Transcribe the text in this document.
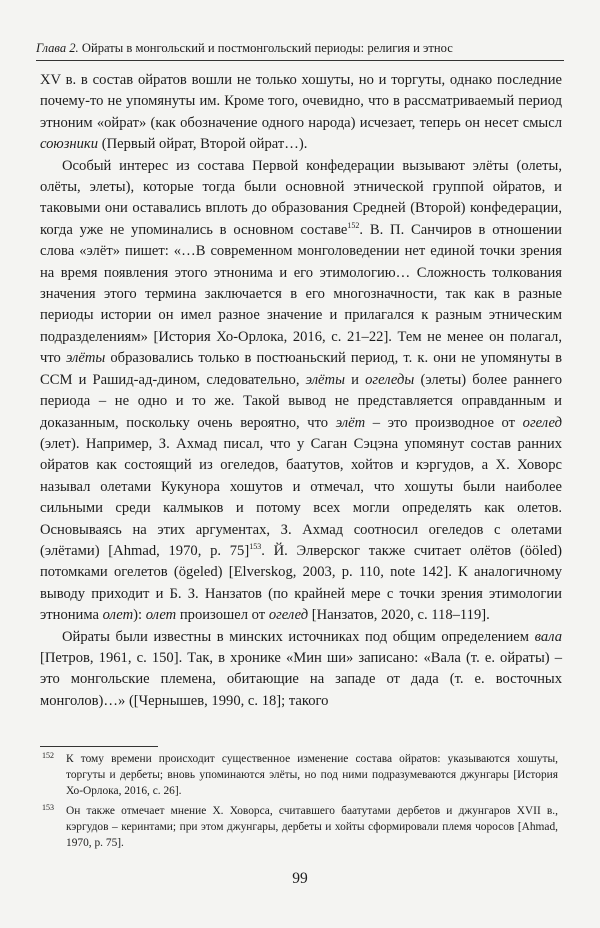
Глава 2. Ойраты в монгольский и постмонгольский периоды: религия и этнос

XV в. в состав ойратов вошли не только хошуты, но и торгуты, однако последние почему-то не упомянуты им. Кроме того, очевидно, что в рассматриваемый период этноним «ойрат» (как обозначение одного народа) исчезает, теперь он несет смысл союзники (Первый ойрат, Второй ойрат…).

Особый интерес из состава Первой конфедерации вызывают элёты (олеты, олёты, элеты), которые тогда были основной этнической группой ойратов, и таковыми они оставались вплоть до образования Средней (Второй) конфедерации, когда уже не упоминались в основном составе$^{152}$. В. П. Санчиров в отношении слова «элёт» пишет: «…В современном монголоведении нет единой точки зрения на время появления этого этнонима и его этимологию… Сложность толкования значения этого термина заключается в его многозначности, так как в разные периоды истории он имел разное значение и прилагался к разным этническим подразделениям» [История Хо-Орлока, 2016, с. 21–22]. Тем не менее он полагал, что элёты образовались только в постюаньский период, т. к. они не упомянуты в ССМ и Рашид-ад-дином, следовательно, элёты и огеледы (элеты) более раннего периода – не одно и то же. Такой вывод не представляется оправданным и доказанным, поскольку очень вероятно, что элёт – это производное от огелед (элет). Например, З. Ахмад писал, что у Саган Сэцэна упомянут состав ранних ойратов как состоящий из огеледов, баатутов, хойтов и кэргудов, а Х. Ховорс называл олетами Кукунора хошутов и отмечал, что хошуты были наиболее сильными среди калмыков и потому всех могли определять как олетов. Основываясь на этих аргументах, З. Ахмад соотносил огеледов с олетами (элётами) [Ahmad, 1970, p. 75]$^{153}$. Й. Элверског также считает олётов (ööled) потомками огелетов (ögeled) [Elverskog, 2003, p. 110, note 142]. К аналогичному выводу приходит и Б. З. Нанзатов (по крайней мере с точки зрения этимологии этнонима олет): олет произошел от огелед [Нанзатов, 2020, с. 118–119].

Ойраты были известны в минских источниках под общим определением вала [Петров, 1961, с. 150]. Так, в хронике «Мин ши» записано: «Вала (т. е. ойраты) – это монгольские племена, обитающие на западе от дада (т. е. восточных монголов)…» ([Чернышев, 1990, с. 18]; такого

152 К тому времени происходит существенное изменение состава ойратов: указываются хошуты, торгуты и дербеты; вновь упоминаются элёты, но под ними подразумеваются джунгары [История Хо-Орлока, 2016, с. 26].
153 Он также отмечает мнение Х. Ховорса, считавшего баатутами дербетов и джунгаров XVII в., кэргудов – керинтами; при этом джунгары, дербеты и хойты сформировали племя чоросов [Ahmad, 1970, p. 75].
99
